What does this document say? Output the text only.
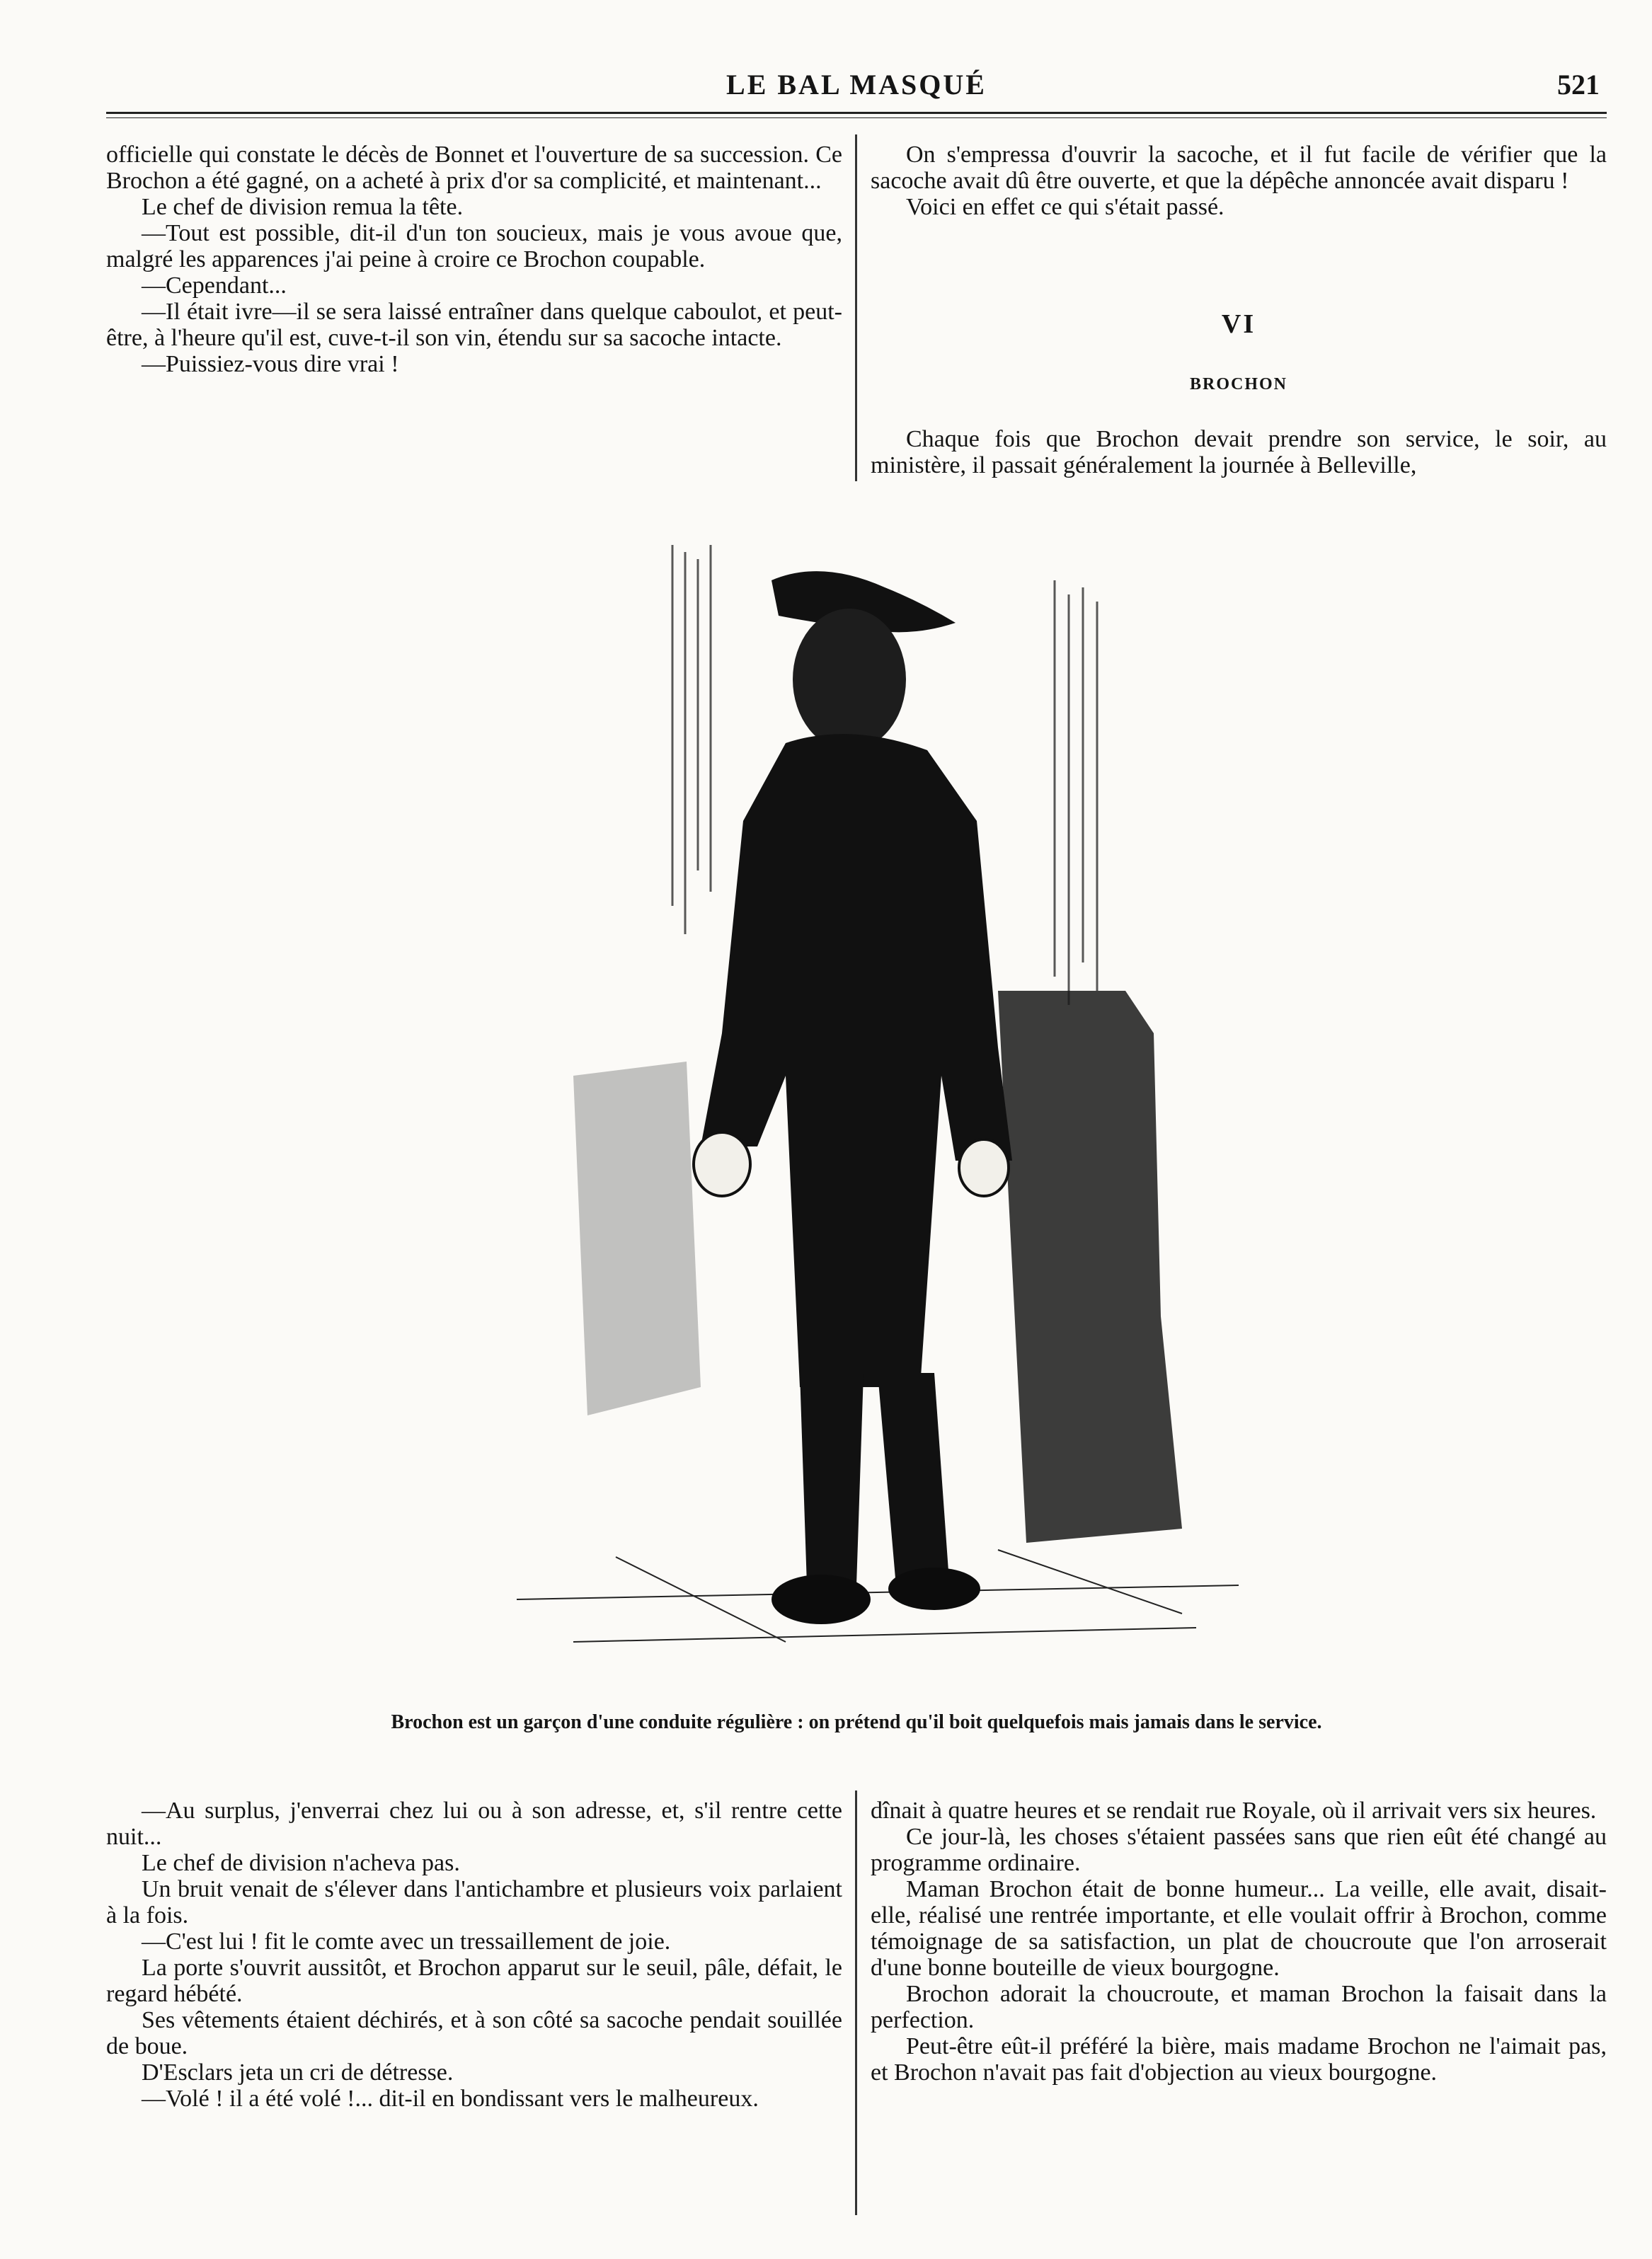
LE BAL MASQUÉ	521

officielle qui constate le décès de Bonnet et l'ouverture de sa succession. Ce Brochon a été gagné, on a acheté à prix d'or sa complicité, et maintenant...

Le chef de division remua la tête.

—Tout est possible, dit-il d'un ton soucieux, mais je vous avoue que, malgré les apparences j'ai peine à croire ce Brochon coupable.

—Cependant...

—Il était ivre—il se sera laissé entraîner dans quelque caboulot, et peut-être, à l'heure qu'il est, cuve-t-il son vin, étendu sur sa sacoche intacte.

—Puissiez-vous dire vrai !

On s'empressa d'ouvrir la sacoche, et il fut facile de vérifier que la sacoche avait dû être ouverte, et que la dépêche annoncée avait disparu !

Voici en effet ce qui s'était passé.

VI
BROCHON

Chaque fois que Brochon devait prendre son service, le soir, au ministère, il passait généralement la journée à Belleville,

Brochon est un garçon d'une conduite régulière : on prétend qu'il boit quelquefois mais jamais dans le service.

—Au surplus, j'enverrai chez lui ou à son adresse, et, s'il rentre cette nuit...

Le chef de division n'acheva pas.

Un bruit venait de s'élever dans l'antichambre et plusieurs voix parlaient à la fois.

—C'est lui ! fit le comte avec un tressaillement de joie.

La porte s'ouvrit aussitôt, et Brochon apparut sur le seuil, pâle, défait, le regard hébété.

Ses vêtements étaient déchirés, et à son côté sa sacoche pendait souillée de boue.

D'Esclars jeta un cri de détresse.

—Volé ! il a été volé !... dit-il en bondissant vers le malheureux.

dînait à quatre heures et se rendait rue Royale, où il arrivait vers six heures.

Ce jour-là, les choses s'étaient passées sans que rien eût été changé au programme ordinaire.

Maman Brochon était de bonne humeur... La veille, elle avait, disait-elle, réalisé une rentrée importante, et elle voulait offrir à Brochon, comme témoignage de sa satisfaction, un plat de choucroute que l'on arroserait d'une bonne bouteille de vieux bourgogne.

Brochon adorait la choucroute, et maman Brochon la faisait dans la perfection.

Peut-être eût-il préféré la bière, mais madame Brochon ne l'aimait pas, et Brochon n'avait pas fait d'objection au vieux bourgogne.
